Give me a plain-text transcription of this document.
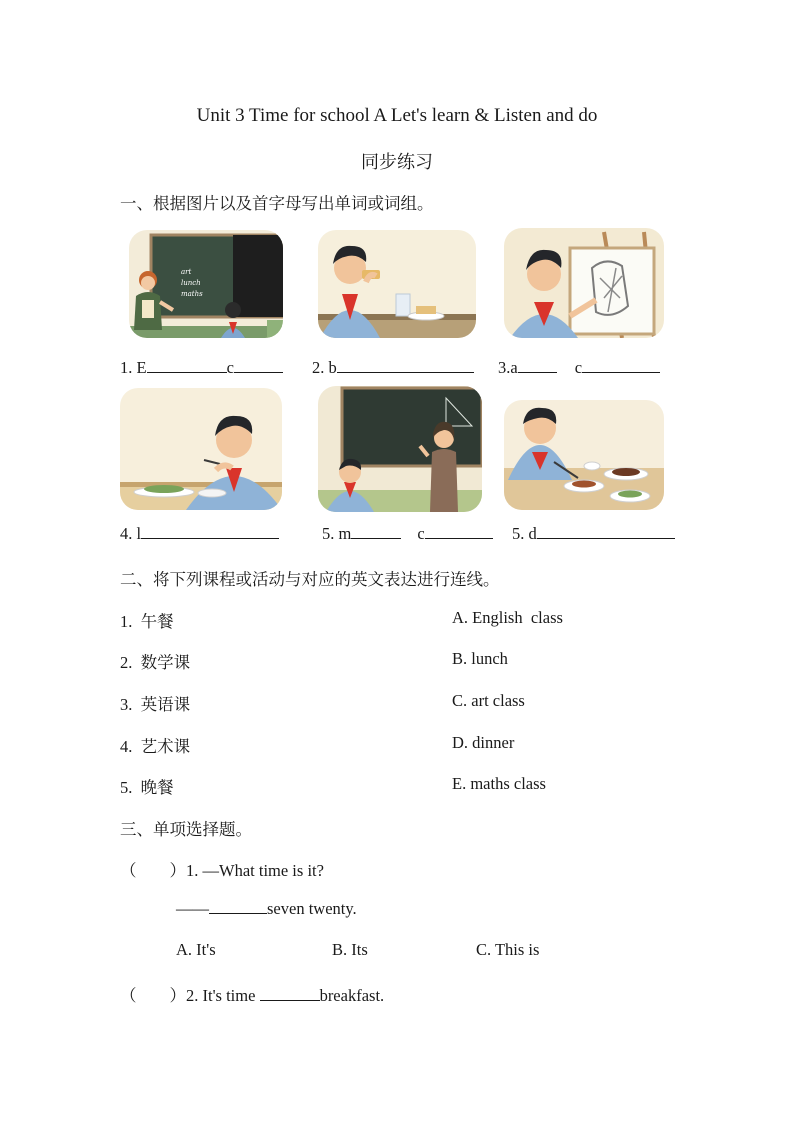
Unit 3 Time for school A Let's learn & Listen and do
同步练习
一、根据图片以及首字母写出单词或词组。
art
lunch
maths
1. E	c	2. b	3.a	c
4. l	5. m	c	5. d
二、将下列课程或活动与对应的英文表达进行连线。
1. 午餐
2. 数学课
3. 英语课
4. 艺术课
5. 晚餐
A. English  class
B. lunch
C. art class
D. dinner
E. maths class
三、单项选择题。
（        ）1. —What time is it?
——	seven twenty.
A. It's	B. Its	C. This is
（        ）2. It's time	breakfast.
